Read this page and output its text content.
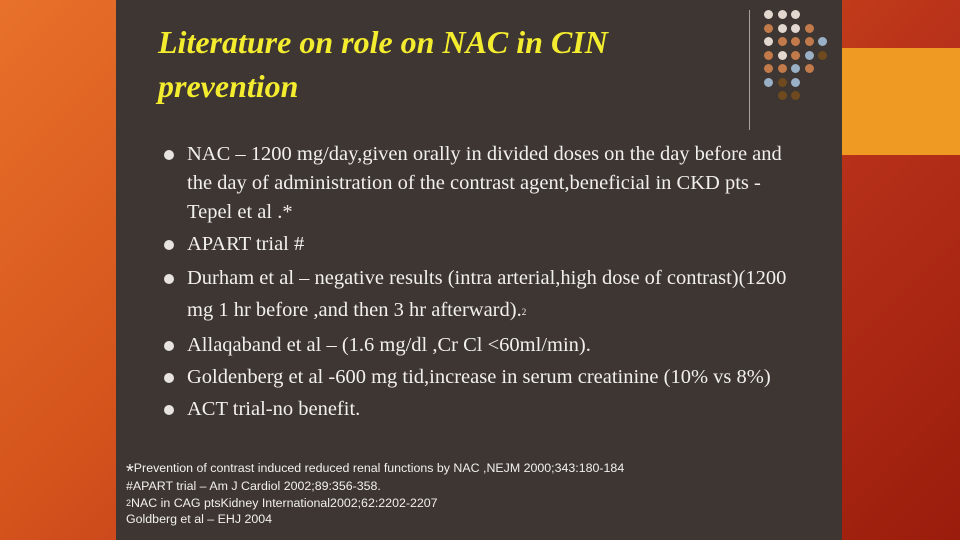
Literature on role on NAC in CIN prevention
NAC – 1200 mg/day,given orally in divided doses on the day before and the day of administration of the contrast agent,beneficial in CKD pts - Tepel et al .*
APART trial #
Durham et al – negative results (intra arterial,high dose of contrast)(1200 mg 1 hr before ,and then 3 hr afterward).2
Allaqaband et al – (1.6 mg/dl ,Cr Cl <60ml/min).
Goldenberg et al -600 mg tid,increase in serum creatinine (10% vs 8%)
ACT trial-no benefit.
*Prevention of contrast induced reduced renal functions by NAC ,NEJM 2000;343:180-184
#APART trial – Am J Cardiol 2002;89:356-358.
2NAC in CAG ptsKidney International2002;62:2202-2207
Goldberg et al – EHJ 2004
